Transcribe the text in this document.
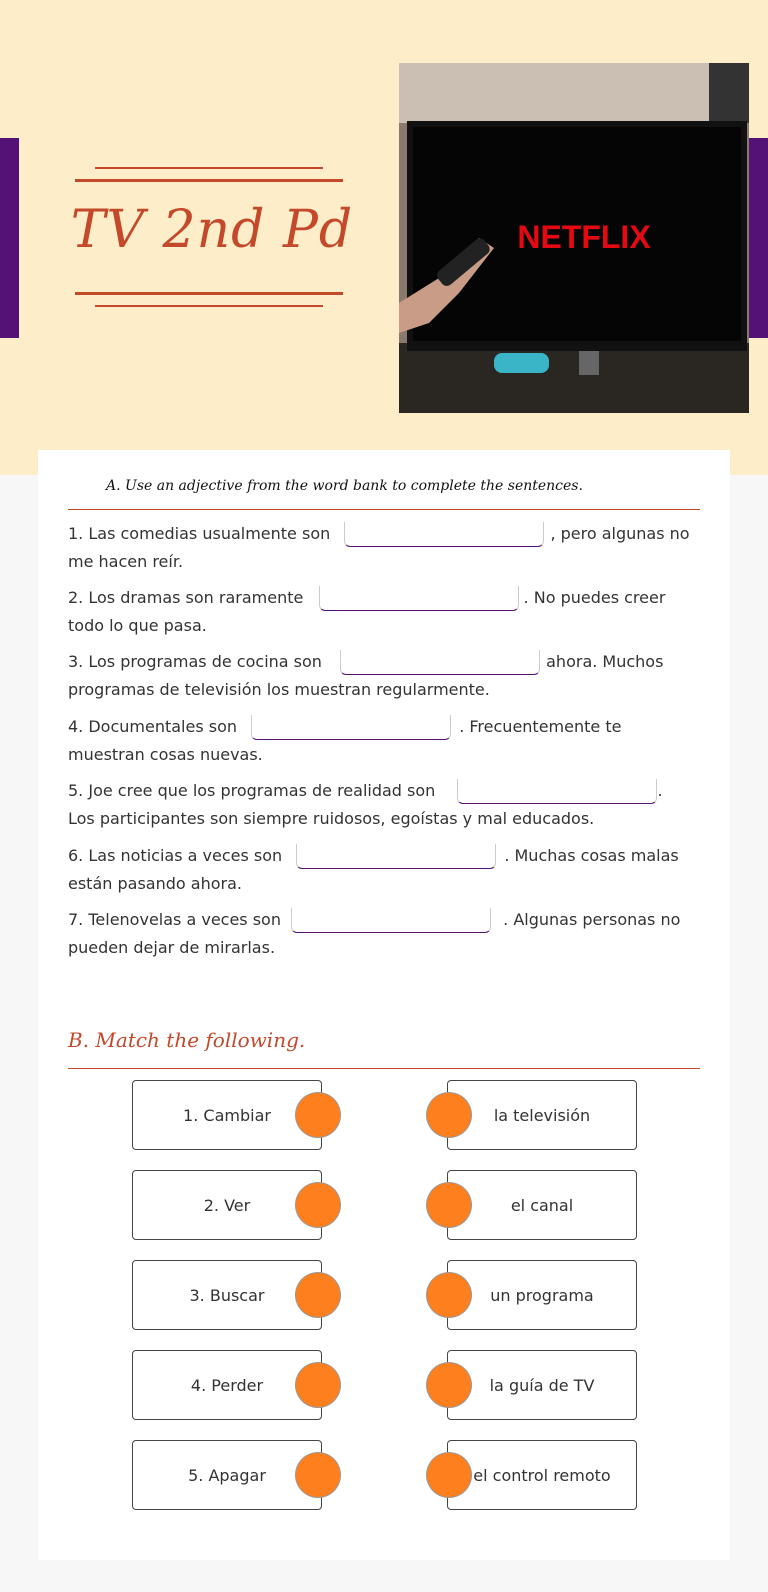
TV 2nd Pd	NETFLIX
A. Use an adjective from the word bank to complete the sentences.
1. Las comedias usualmente son	, pero algunas no
me hacen reír.
2. Los dramas son raramente	. No puedes creer
todo lo que pasa.
3. Los programas de cocina son	ahora. Muchos
programas de televisión los muestran regularmente.
4. Documentales son	. Frecuentemente te
muestran cosas nuevas.
5. Joe cree que los programas de realidad son	.
Los participantes son siempre ruidosos, egoístas y mal educados.
6. Las noticias a veces son	. Muchas cosas malas
están pasando ahora.
7. Telenovelas a veces son	. Algunas personas no
pueden dejar de mirarlas.
B. Match the following.
1. Cambiar	la televisión
2. Ver	el canal
3. Buscar	un programa
4. Perder	la guía de TV
5. Apagar	el control remoto
